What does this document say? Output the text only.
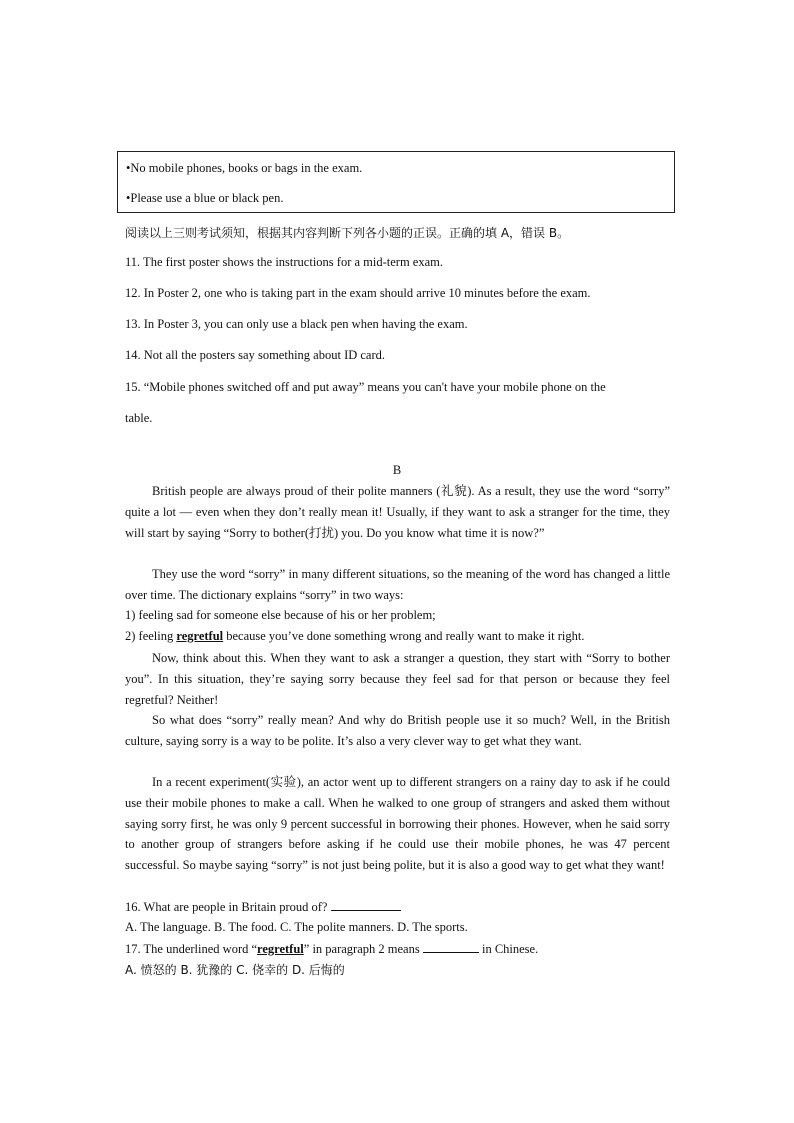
•No mobile phones, books or bags in the exam.
•Please use a blue or black pen.
阅读以上三则考试须知，根据其内容判断下列各小题的正误。正确的填 A，错误 B。
11. The first poster shows the instructions for a mid-term exam.
12. In Poster 2, one who is taking part in the exam should arrive 10 minutes before the exam.
13. In Poster 3, you can only use a black pen when having the exam.
14. Not all the posters say something about ID card.
15. “Mobile phones switched off and put away” means you can't have your mobile phone on the
table.
B
British people are always proud of their polite manners (礼貌). As a result, they use the word “sorry” quite a lot — even when they don’t really mean it! Usually, if they want to ask a stranger for the time, they will start by saying “Sorry to bother(打扰) you. Do you know what time it is now?”
They use the word “sorry” in many different situations, so the meaning of the word has changed a little over time. The dictionary explains “sorry” in two ways:
1) feeling sad for someone else because of his or her problem;
2) feeling regretful because you’ve done something wrong and really want to make it right.
Now, think about this. When they want to ask a stranger a question, they start with “Sorry to bother you”. In this situation, they’re saying sorry because they feel sad for that person or because they feel regretful? Neither!
So what does “sorry” really mean? And why do British people use it so much? Well, in the British culture, saying sorry is a way to be polite. It’s also a very clever way to get what they want.
In a recent experiment(实验), an actor went up to different strangers on a rainy day to ask if he could use their mobile phones to make a call. When he walked to one group of strangers and asked them without saying sorry first, he was only 9 percent successful in borrowing their phones. However, when he said sorry to another group of strangers before asking if he could use their mobile phones, he was 47 percent successful. So maybe saying “sorry” is not just being polite, but it is also a good way to get what they want!
16. What are people in Britain proud of?
A. The language. B. The food. C. The polite manners. D. The sports.
17. The underlined word “regretful” in paragraph 2 means	in Chinese.
A. 愤怒的 B. 犹豫的 C. 侥幸的 D. 后悔的
